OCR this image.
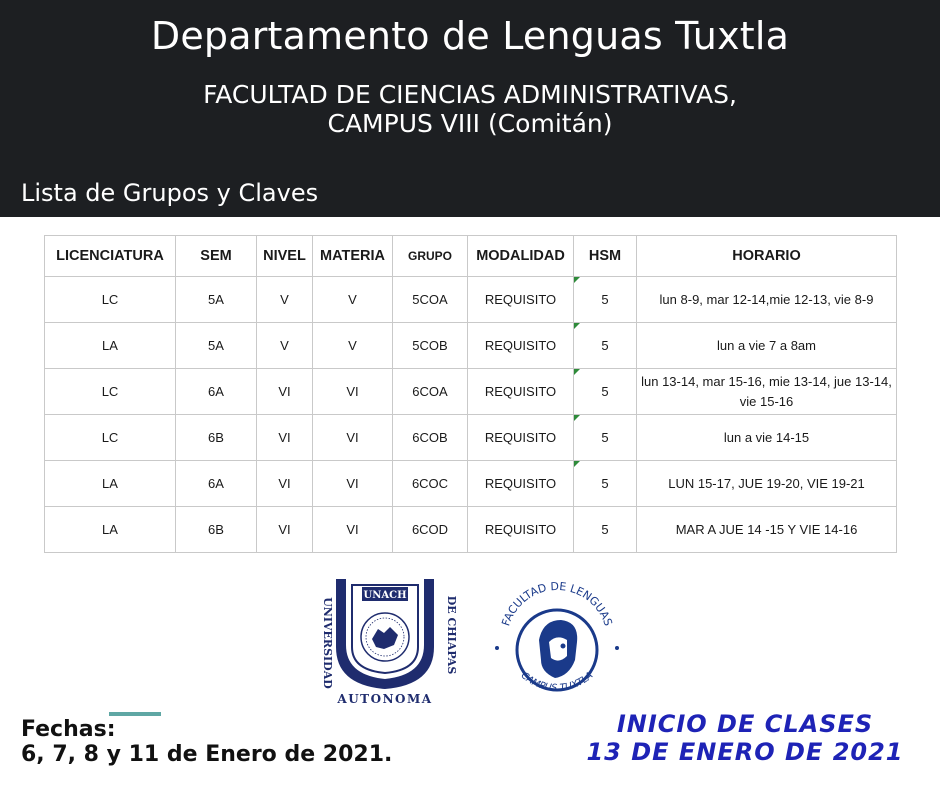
Departamento de Lenguas Tuxtla
FACULTAD DE CIENCIAS ADMINISTRATIVAS,
CAMPUS VIII (Comitán)
Lista de Grupos y Claves
LICENCIATURA	SEM	NIVEL	MATERIA	GRUPO	MODALIDAD	HSM	HORARIO
LC	5A	V	V	5COA	REQUISITO	5	lun 8-9, mar 12-14,mie 12-13, vie 8-9
LA	5A	V	V	5COB	REQUISITO	5	lun a vie 7 a 8am
LC	6A	VI	VI	6COA	REQUISITO	5	lun 13-14, mar 15-16, mie 13-14, jue 13-14, vie 15-16
LC	6B	VI	VI	6COB	REQUISITO	5	lun a vie 14-15
LA	6A	VI	VI	6COC	REQUISITO	5	LUN 15-17, JUE 19-20, VIE 19-21
LA	6B	VI	VI	6COD	REQUISITO	5	MAR A JUE 14 -15 Y VIE 14-16
UNIVERSIDAD	DE CHIAPAS
UNACH
AUTONOMA
FACULTAD DE LENGUAS
CAMPUS TUXTLA
Fechas:
6, 7, 8 y 11 de Enero de 2021.
INICIO DE CLASES
13 DE ENERO DE 2021
